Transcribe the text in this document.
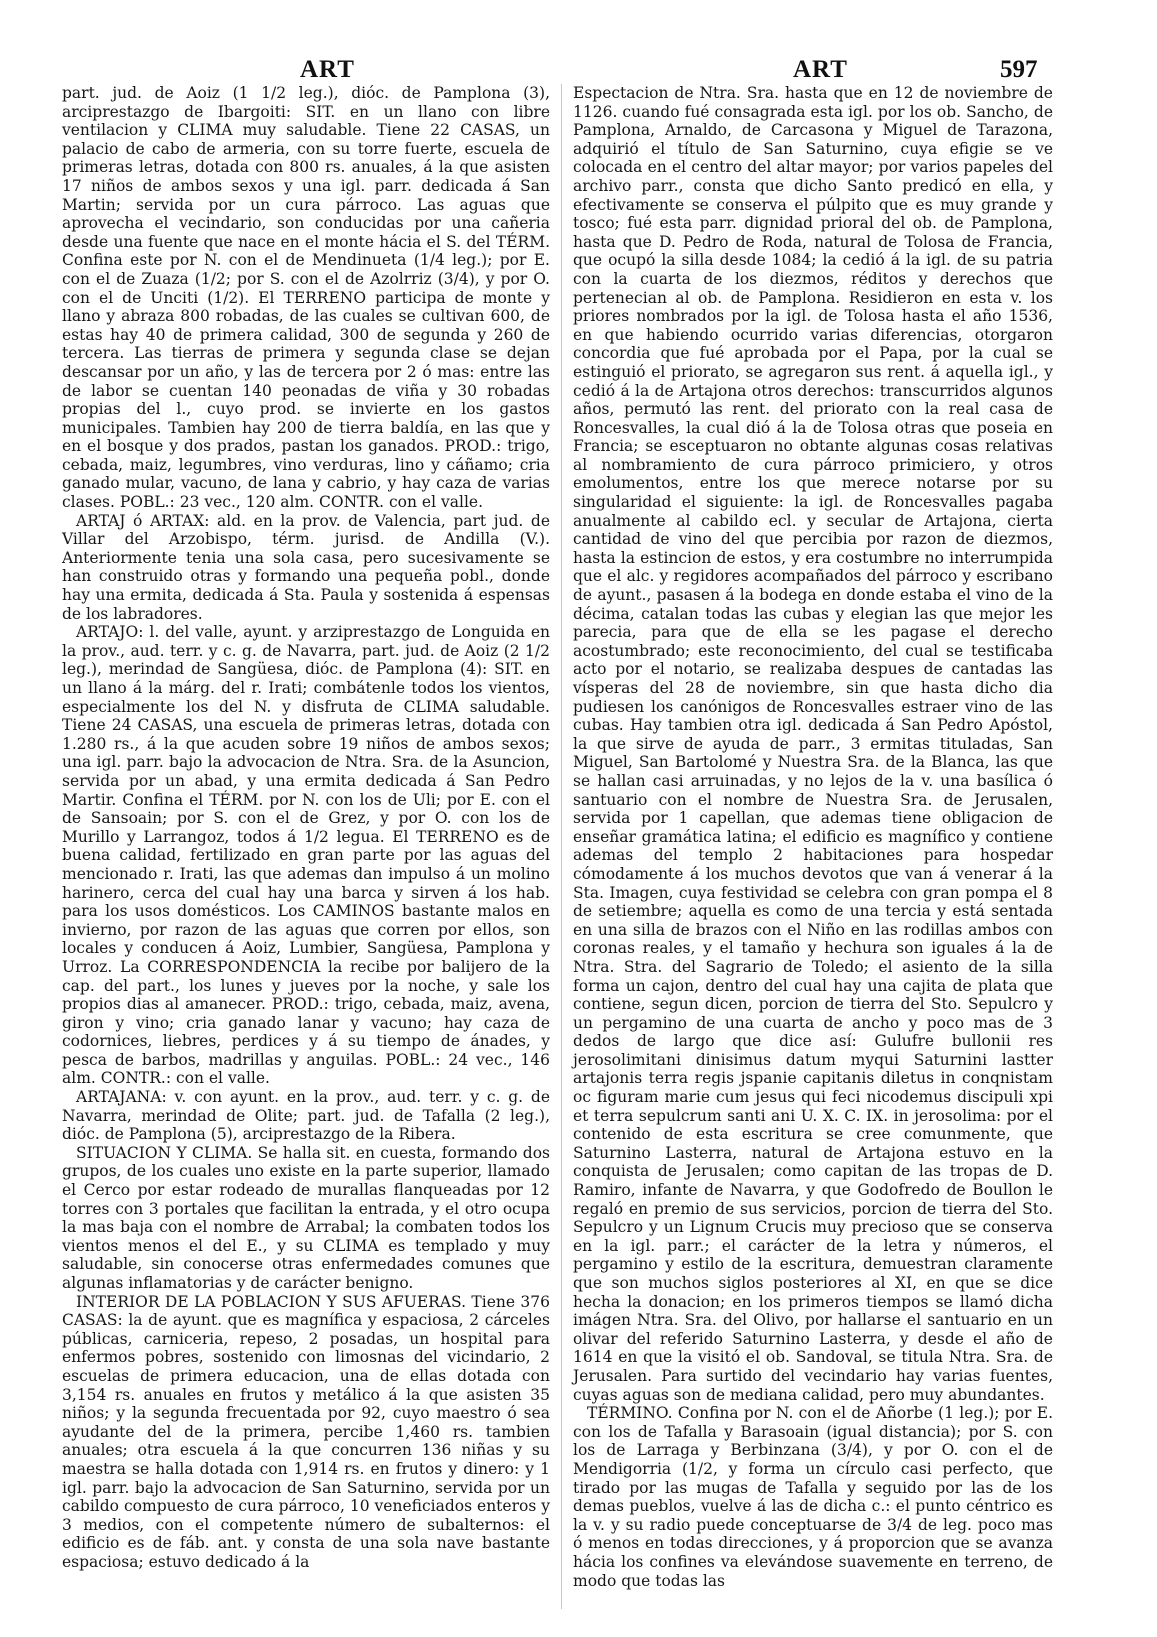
ART	ART	597

part. jud. de Aoiz (1 1/2 leg.), dióc. de Pamplona (3), arciprestazgo de Ibargoiti: SIT. en un llano con libre ventilacion y CLIMA muy saludable. Tiene 22 CASAS, un palacio de cabo de armeria, con su torre fuerte, escuela de primeras letras, dotada con 800 rs. anuales, á la que asisten 17 niños de ambos sexos y una igl. parr. dedicada á San Martin; servida por un cura párroco. Las aguas que aprovecha el vecindario, son conducidas por una cañeria desde una fuente que nace en el monte hácia el S. del TÉRM. Confina este por N. con el de Mendinueta (1/4 leg.); por E. con el de Zuaza (1/2; por S. con el de Azolrriz (3/4), y por O. con el de Unciti (1/2). El TERRENO participa de monte y llano y abraza 800 robadas, de las cuales se cultivan 600, de estas hay 40 de primera calidad, 300 de segunda y 260 de tercera. Las tierras de primera y segunda clase se dejan descansar por un año, y las de tercera por 2 ó mas: entre las de labor se cuentan 140 peonadas de viña y 30 robadas propias del l., cuyo prod. se invierte en los gastos municipales. Tambien hay 200 de tierra baldía, en las que y en el bosque y dos prados, pastan los ganados. PROD.: trigo, cebada, maiz, legumbres, vino verduras, lino y cáñamo; cria ganado mular, vacuno, de lana y cabrio, y hay caza de varias clases. POBL.: 23 vec., 120 alm. CONTR. con el valle.

ARTAJ ó ARTAX: ald. en la prov. de Valencia, part jud. de Villar del Arzobispo, térm. jurisd. de Andilla (V.). Anteriormente tenia una sola casa, pero sucesivamente se han construido otras y formando una pequeña pobl., donde hay una ermita, dedicada á Sta. Paula y sostenida á espensas de los labradores.

ARTAJO: l. del valle, ayunt. y arziprestazgo de Longuida en la prov., aud. terr. y c. g. de Navarra, part. jud. de Aoiz (2 1/2 leg.), merindad de Sangüesa, dióc. de Pamplona (4): SIT. en un llano á la márg. del r. Irati; combátenle todos los vientos, especialmente los del N. y disfruta de CLIMA saludable. Tiene 24 CASAS, una escuela de primeras letras, dotada con 1.280 rs., á la que acuden sobre 19 niños de ambos sexos; una igl. parr. bajo la advocacion de Ntra. Sra. de la Asuncion, servida por un abad, y una ermita dedicada á San Pedro Martir. Confina el TÉRM. por N. con los de Uli; por E. con el de Sansoain; por S. con el de Grez, y por O. con los de Murillo y Larrangoz, todos á 1/2 legua. El TERRENO es de buena calidad, fertilizado en gran parte por las aguas del mencionado r. Irati, las que ademas dan impulso á un molino harinero, cerca del cual hay una barca y sirven á los hab. para los usos domésticos. Los CAMINOS bastante malos en invierno, por razon de las aguas que corren por ellos, son locales y conducen á Aoiz, Lumbier, Sangüesa, Pamplona y Urroz. La CORRESPONDENCIA la recibe por balijero de la cap. del part., los lunes y jueves por la noche, y sale los propios dias al amanecer. PROD.: trigo, cebada, maiz, avena, giron y vino; cria ganado lanar y vacuno; hay caza de codornices, liebres, perdices y á su tiempo de ánades, y pesca de barbos, madrillas y anguilas. POBL.: 24 vec., 146 alm. CONTR.: con el valle.

ARTAJANA: v. con ayunt. en la prov., aud. terr. y c. g. de Navarra, merindad de Olite; part. jud. de Tafalla (2 leg.), dióc. de Pamplona (5), arciprestazgo de la Ribera.

SITUACION Y CLIMA. Se halla sit. en cuesta, formando dos grupos, de los cuales uno existe en la parte superior, llamado el Cerco por estar rodeado de murallas flanqueadas por 12 torres con 3 portales que facilitan la entrada, y el otro ocupa la mas baja con el nombre de Arrabal; la combaten todos los vientos menos el del E., y su CLIMA es templado y muy saludable, sin conocerse otras enfermedades comunes que algunas inflamatorias y de carácter benigno.

INTERIOR DE LA POBLACION Y SUS AFUERAS. Tiene 376 CASAS: la de ayunt. que es magnífica y espaciosa, 2 cárceles públicas, carniceria, repeso, 2 posadas, un hospital para enfermos pobres, sostenido con limosnas del vicindario, 2 escuelas de primera educacion, una de ellas dotada con 3,154 rs. anuales en frutos y metálico á la que asisten 35 niños; y la segunda frecuentada por 92, cuyo maestro ó sea ayudante del de la primera, percibe 1,460 rs. tambien anuales; otra escuela á la que concurren 136 niñas y su maestra se halla dotada con 1,914 rs. en frutos y dinero: y 1 igl. parr. bajo la advocacion de San Saturnino, servida por un cabildo compuesto de cura párroco, 10 veneficiados enteros y 3 medios, con el competente número de subalternos: el edificio es de fáb. ant. y consta de una sola nave bastante espaciosa; estuvo dedicado á la

Espectacion de Ntra. Sra. hasta que en 12 de noviembre de 1126. cuando fué consagrada esta igl. por los ob. Sancho, de Pamplona, Arnaldo, de Carcasona y Miguel de Tarazona, adquirió el título de San Saturnino, cuya efigie se ve colocada en el centro del altar mayor; por varios papeles del archivo parr., consta que dicho Santo predicó en ella, y efectivamente se conserva el púlpito que es muy grande y tosco; fué esta parr. dignidad prioral del ob. de Pamplona, hasta que D. Pedro de Roda, natural de Tolosa de Francia, que ocupó la silla desde 1084; la cedió á la igl. de su patria con la cuarta de los diezmos, réditos y derechos que pertenecian al ob. de Pamplona. Residieron en esta v. los priores nombrados por la igl. de Tolosa hasta el año 1536, en que habiendo ocurrido varias diferencias, otorgaron concordia que fué aprobada por el Papa, por la cual se estinguió el priorato, se agregaron sus rent. á aquella igl., y cedió á la de Artajona otros derechos: transcurridos algunos años, permutó las rent. del priorato con la real casa de Roncesvalles, la cual dió á la de Tolosa otras que poseia en Francia; se esceptuaron no obtante algunas cosas relativas al nombramiento de cura párroco primiciero, y otros emolumentos, entre los que merece notarse por su singularidad el siguiente: la igl. de Roncesvalles pagaba anualmente al cabildo ecl. y secular de Artajona, cierta cantidad de vino del que percibia por razon de diezmos, hasta la estincion de estos, y era costumbre no interrumpida que el alc. y regidores acompañados del párroco y escribano de ayunt., pasasen á la bodega en donde estaba el vino de la décima, catalan todas las cubas y elegian las que mejor les parecia, para que de ella se les pagase el derecho acostumbrado; este reconocimiento, del cual se testificaba acto por el notario, se realizaba despues de cantadas las vísperas del 28 de noviembre, sin que hasta dicho dia pudiesen los canónigos de Roncesvalles estraer vino de las cubas. Hay tambien otra igl. dedicada á San Pedro Apóstol, la que sirve de ayuda de parr., 3 ermitas tituladas, San Miguel, San Bartolomé y Nuestra Sra. de la Blanca, las que se hallan casi arruinadas, y no lejos de la v. una basílica ó santuario con el nombre de Nuestra Sra. de Jerusalen, servida por 1 capellan, que ademas tiene obligacion de enseñar gramática latina; el edificio es magnífico y contiene ademas del templo 2 habitaciones para hospedar cómodamente á los muchos devotos que van á venerar á la Sta. Imagen, cuya festividad se celebra con gran pompa el 8 de setiembre; aquella es como de una tercia y está sentada en una silla de brazos con el Niño en las rodillas ambos con coronas reales, y el tamaño y hechura son iguales á la de Ntra. Stra. del Sagrario de Toledo; el asiento de la silla forma un cajon, dentro del cual hay una cajita de plata que contiene, segun dicen, porcion de tierra del Sto. Sepulcro y un pergamino de una cuarta de ancho y poco mas de 3 dedos de largo que dice así: Gulufre bullonii res jerosolimitani dinisimus datum myqui Saturnini lastter artajonis terra regis jspanie capitanis diletus in conqnistam oc figuram marie cum jesus qui feci nicodemus discipuli xpi et terra sepulcrum santi ani U. X. C. IX. in jerosolima: por el contenido de esta escritura se cree comunmente, que Saturnino Lasterra, natural de Artajona estuvo en la conquista de Jerusalen; como capitan de las tropas de D. Ramiro, infante de Navarra, y que Godofredo de Boullon le regaló en premio de sus servicios, porcion de tierra del Sto. Sepulcro y un Lignum Crucis muy precioso que se conserva en la igl. parr.; el carácter de la letra y números, el pergamino y estilo de la escritura, demuestran claramente que son muchos siglos posteriores al XI, en que se dice hecha la donacion; en los primeros tiempos se llamó dicha imágen Ntra. Sra. del Olivo, por hallarse el santuario en un olivar del referido Saturnino Lasterra, y desde el año de 1614 en que la visitó el ob. Sandoval, se titula Ntra. Sra. de Jerusalen. Para surtido del vecindario hay varias fuentes, cuyas aguas son de mediana calidad, pero muy abundantes.

TÉRMINO. Confina por N. con el de Añorbe (1 leg.); por E. con los de Tafalla y Barasoain (igual distancia); por S. con los de Larraga y Berbinzana (3/4), y por O. con el de Mendigorria (1/2, y forma un círculo casi perfecto, que tirado por las mugas de Tafalla y seguido por las de los demas pueblos, vuelve á las de dicha c.: el punto céntrico es la v. y su radio puede conceptuarse de 3/4 de leg. poco mas ó menos en todas direcciones, y á proporcion que se avanza hácia los confines va elevándose suavemente en terreno, de modo que todas las
